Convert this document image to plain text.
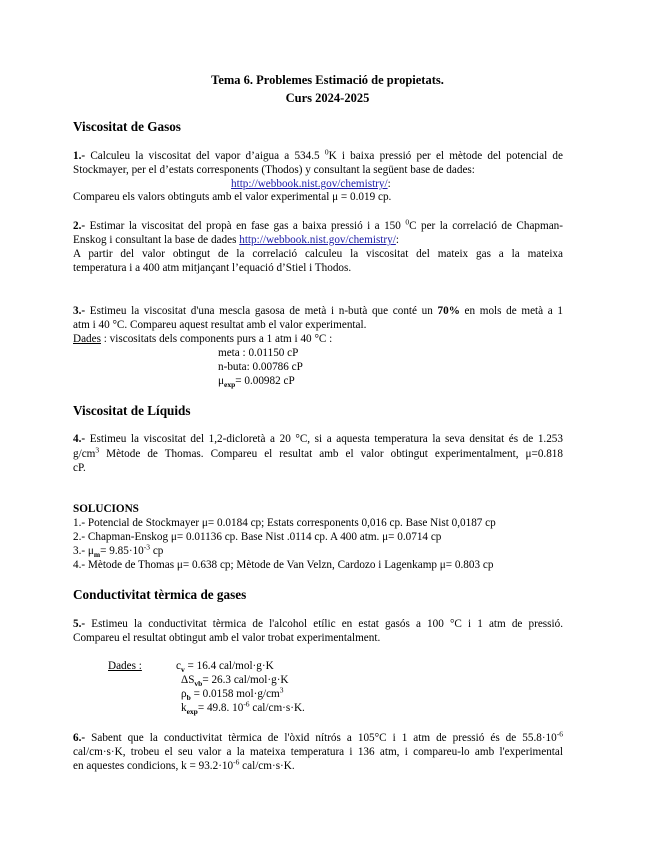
Tema 6. Problemes Estimació de propietats.
Curs 2024-2025
Viscositat de Gasos
1.- Calculeu la viscositat del vapor d’aigua a 534.5 $^0$K i baixa pressió per el mètode del potencial de
Stockmayer, per el d’estats corresponents (Thodos) y consultant la següent base de dades:
http://webbook.nist.gov/chemistry/:
Compareu els valors obtinguts amb el valor experimental μ = 0.019 cp.
2.- Estimar la viscositat del propà en fase gas a baixa pressió i a 150 $^0$C per la correlació de Chapman-
Enskog i consultant la base de dades http://webbook.nist.gov/chemistry/:
A partir del valor obtingut de la correlació calculeu la viscositat del mateix gas a la mateixa
temperatura i a 400 atm mitjançant l’equació d’Stiel i Thodos.
3.- Estimeu la viscositat d'una mescla gasosa de metà i n-butà que conté un 70% en mols de metà a 1
atm i 40 °C. Compareu aquest resultat amb el valor experimental.
Dades : viscositats dels components purs a 1 atm i 40 °C :
meta : 0.01150 cP
n-buta: 0.00786 cP
$\mu_{exp}= 0.00982$ cP
Viscositat de Líquids
4.- Estimeu la viscositat del 1,2-dicloretà a 20 °C, si a aquesta temperatura la seva densitat és de 1.253
$g/cm^3$ Mètode de Thomas. Compareu el resultat amb el valor obtingut experimentalment, μ=0.818
cP.
SOLUCIONS
1.- Potencial de Stockmayer μ= 0.0184 cp; Estats corresponents 0,016 cp. Base Nist 0,0187 cp
2.- Chapman-Enskog μ= 0.01136 cp. Base Nist .0114 cp. A 400 atm. μ= 0.0714 cp
3.- $\mu_m= 9.85\cdot 10^{-3}$ cp
4.- Mètode de Thomas μ= 0.638 cp; Mètode de Van Velzn, Cardozo i Lagenkamp μ= 0.803 cp
Conductivitat tèrmica de gases
5.- Estimeu la conductivitat tèrmica de l'alcohol etílic en estat gasós a 100 °C i 1 atm de pressió.
Compareu el resultat obtingut amb el valor trobat experimentalment.
Dades :	$c_v = 16.4$ cal/mol·g·K
$\Delta S_{vb}= 26.3$ cal/mol·g·K
$\rho_b = 0.0158$ $mol\cdot g/cm^3$
$k_{exp}= 49.8$. $10^{-6}$ cal/cm·s·K.
6.- Sabent que la conductivitat tèrmica de l'òxid nítrós a 105°C i 1 atm de pressió és de $55.8\cdot 10^{-6}$
cal/cm·s·K, trobeu el seu valor a la mateixa temperatura i 136 atm, i compareu-lo amb l'experimental
en aquestes condicions, $k = 93.2\cdot 10^{-6}$ cal/cm·s·K.
